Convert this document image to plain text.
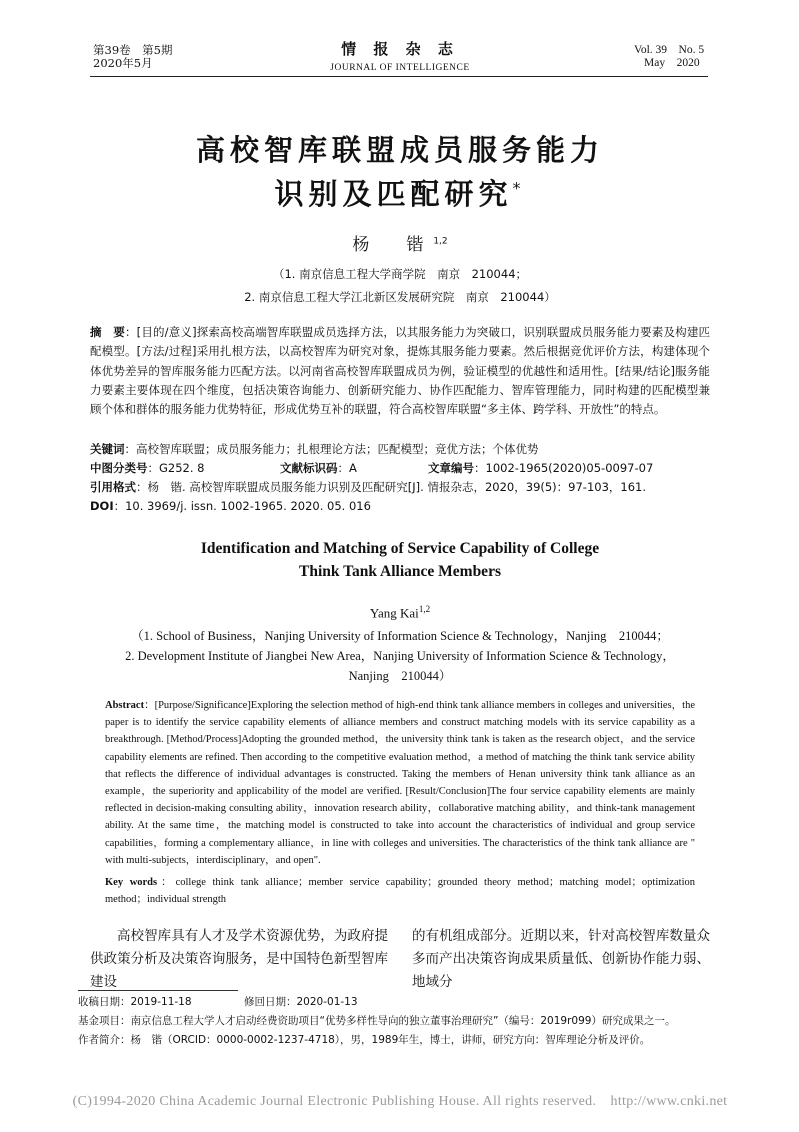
第39卷　第5期
2020年5月
情 报 杂 志
JOURNAL OF INTELLIGENCE
Vol. 39　No. 5
May　2020
高校智库联盟成员服务能力
识别及匹配研究*
杨　锴$^{1,2}$
（1. 南京信息工程大学商学院　南京　210044；
2. 南京信息工程大学江北新区发展研究院　南京　210044）
摘　要：[目的/意义]探索高校高端智库联盟成员选择方法，以其服务能力为突破口，识别联盟成员服务能力要素及构建匹配模型。[方法/过程]采用扎根方法，以高校智库为研究对象，提炼其服务能力要素。然后根据竞优评价方法，构建体现个体优势差异的智库服务能力匹配方法。以河南省高校智库联盟成员为例，验证模型的优越性和适用性。[结果/结论]服务能力要素主要体现在四个维度，包括决策咨询能力、创新研究能力、协作匹配能力、智库管理能力，同时构建的匹配模型兼顾个体和群体的服务能力优势特征，形成优势互补的联盟，符合高校智库联盟“多主体、跨学科、开放性”的特点。
关键词：高校智库联盟；成员服务能力；扎根理论方法；匹配模型；竞优方法；个体优势
中图分类号：G252. 8	文献标识码：A	文章编号：1002-1965(2020)05-0097-07
引用格式：杨　锴. 高校智库联盟成员服务能力识别及匹配研究[J]. 情报杂志，2020，39(5)：97-103，161.
DOI：10. 3969/j. issn. 1002-1965. 2020. 05. 016
Identification and Matching of Service Capability of College
Think Tank Alliance Members
Yang Kai$^{1,2}$
（1. School of Business，Nanjing University of Information Science & Technology，Nanjing　210044；
2. Development Institute of Jiangbei New Area，Nanjing University of Information Science & Technology，
Nanjing　210044）
Abstract：[Purpose/Significance]Exploring the selection method of high-end think tank alliance members in colleges and universities，the paper is to identify the service capability elements of alliance members and construct matching models with its service capability as a breakthrough. [Method/Process]Adopting the grounded method，the university think tank is taken as the research object，and the service capability elements are refined. Then according to the competitive evaluation method，a method of matching the think tank service ability that reflects the difference of individual advantages is constructed. Taking the members of Henan university think tank alliance as an example，the superiority and applicability of the model are verified. [Result/Conclusion]The four service capability elements are mainly reflected in decision-making consulting ability，innovation research ability，collaborative matching ability，and think-tank management ability. At the same time，the matching model is constructed to take into account the characteristics of individual and group service capabilities，forming a complementary alliance，in line with colleges and universities. The characteristics of the think tank alliance are " with multi-subjects，interdisciplinary，and open".
Key words：college think tank alliance；member service capability；grounded theory method；matching model；optimization method；individual strength
高校智库具有人才及学术资源优势，为政府提供政策分析及决策咨询服务，是中国特色新型智库建设
的有机组成部分。近期以来，针对高校智库数量众多而产出决策咨询成果质量低、创新协作能力弱、地域分
收稿日期：2019-11-18	修回日期：2020-01-13
基金项目：南京信息工程大学人才启动经费资助项目“优势多样性导向的独立董事治理研究”（编号：2019r099）研究成果之一。
作者简介：杨　锴（ORCID：0000-0002-1237-4718），男，1989年生，博士，讲师，研究方向：智库理论分析及评价。
(C)1994-2020 China Academic Journal Electronic Publishing House. All rights reserved.　http://www.cnki.net
